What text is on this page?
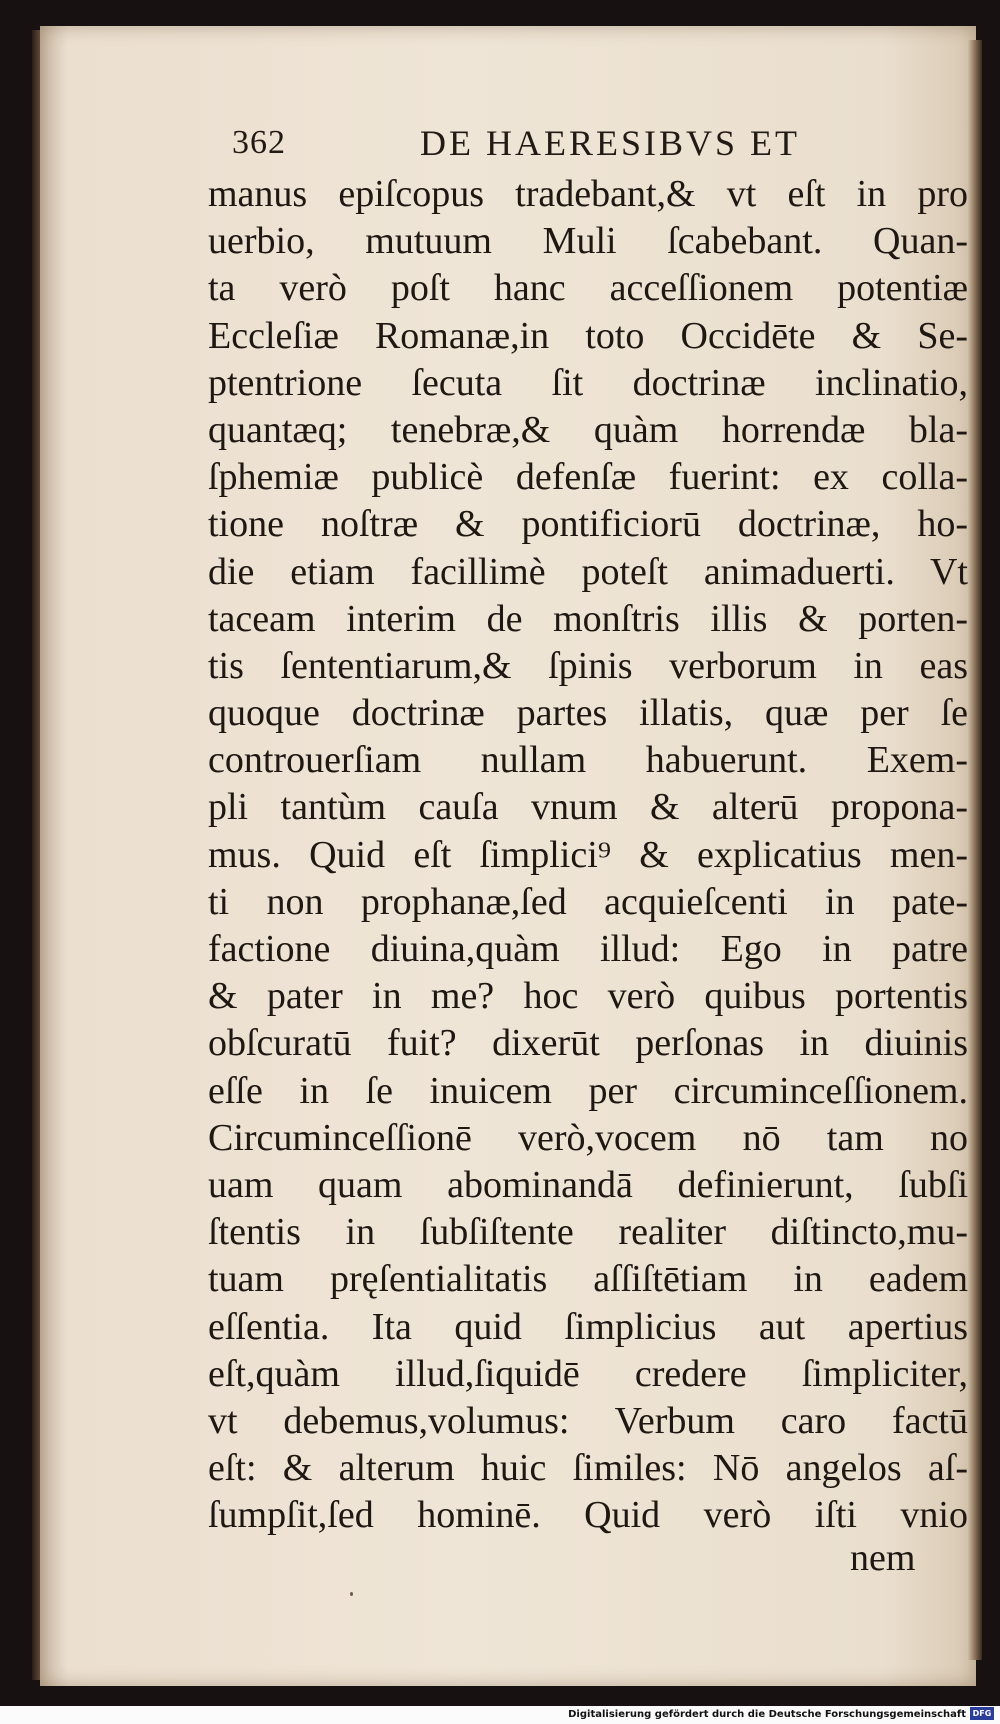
362	DE HAERESIBVS ET
manus epiſcopus tradebant,& vt eſt in pro
uerbio, mutuum Muli ſcabebant. Quan-
ta verò poſt hanc acceſſionem potentiæ
Eccleſiæ Romanæ,in toto Occidēte & Se-
ptentrione ſecuta ſit doctrinæ inclinatio,
quantæq; tenebræ,& quàm horrendæ bla-
ſphemiæ publicè defenſæ fuerint: ex colla-
tione noſtræ & pontificiorū doctrinæ, ho-
die etiam facillimè poteſt animaduerti. Vt
taceam interim de monſtris illis & porten-
tis ſententiarum,& ſpinis verborum in eas
quoque doctrinæ partes illatis, quæ per ſe
controuerſiam nullam habuerunt. Exem-
pli tantùm cauſa vnum & alterū propona-
mus. Quid eſt ſimplici⁹ & explicatius men-
ti non prophanæ,ſed acquieſcenti in pate-
factione diuina,quàm illud: Ego in patre
& pater in me? hoc verò quibus portentis
obſcuratū fuit? dixerūt perſonas in diuinis
eſſe in ſe inuicem per circuminceſſionem.
Circuminceſſionē verò,vocem nō tam no
uam quam abominandā definierunt, ſubſi
ſtentis in ſubſiſtente realiter diſtincto,mu-
tuam pręſentialitatis aſſiſtētiam in eadem
eſſentia. Ita quid ſimplicius aut apertius
eſt,quàm illud,ſiquidē credere ſimpliciter,
vt debemus,volumus: Verbum caro factū
eſt: & alterum huic ſimiles: Nō angelos aſ-
ſumpſit,ſed hominē. Quid verò iſti vnio
nem
Digitalisierung gefördert durch die Deutsche Forschungsgemeinschaft DFG
